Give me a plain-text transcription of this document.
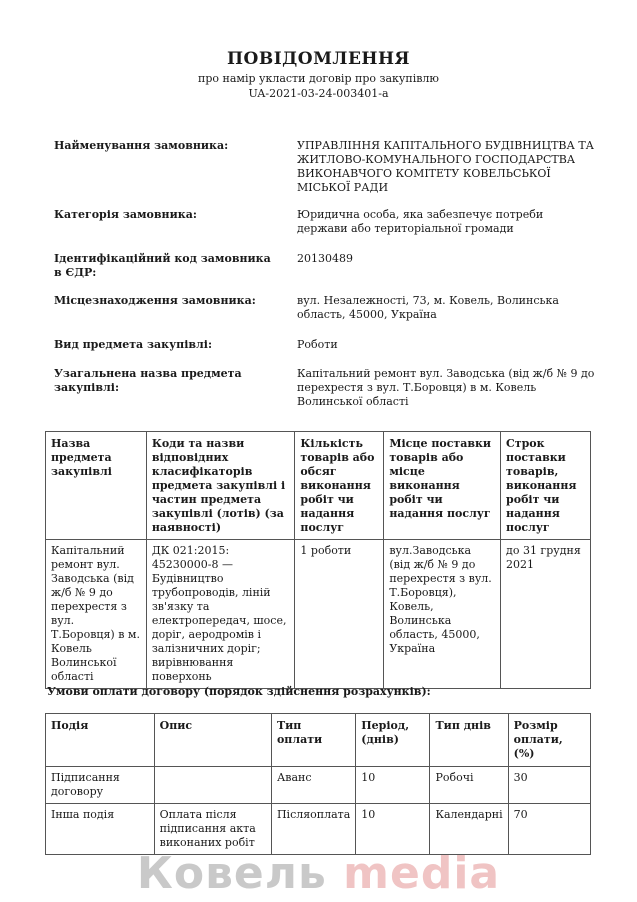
ПОВІДОМЛЕННЯ
про намір укласти договір про закупівлю
UA-2021-03-24-003401-a
Найменування замовника:	УПРАВЛІННЯ КАПІТАЛЬНОГО БУДІВНИЦТВА ТА ЖИТЛОВО-КОМУНАЛЬНОГО ГОСПОДАРСТВА ВИКОНАВЧОГО КОМІТЕТУ КОВЕЛЬСЬКОЇ МІСЬКОЇ РАДИ
Категорія замовника:	Юридична особа, яка забезпечує потреби держави або територіальної громади
Ідентифікаційний код замовника в ЄДР:
20130489
Місцезнаходження замовника:	вул. Незалежності, 73, м. Ковель, Волинська область, 45000, Україна
Вид предмета закупівлі:	Роботи
Узагальнена назва предмета закупівлі:
Капітальний ремонт вул. Заводська (від ж/б № 9 до перехрестя з вул. Т.Боровця) в м. Ковель Волинської області
Назва предмета закупівлі	Коди та назви відповідних класифікаторів предмета закупівлі і частин предмета закупівлі (лотів) (за наявності)	Кількість товарів або обсяг виконання робіт чи надання послуг	Місце поставки товарів або місце виконання робіт чи надання послуг	Строк поставки товарів, виконання робіт чи надання послуг
Капітальний ремонт вул. Заводська (від ж/б № 9 до перехрестя з вул. Т.Боровця) в м. Ковель Волинської області	ДК 021:2015: 45230000-8 — Будівництво трубопроводів, ліній зв'язку та електропередач, шосе, доріг, аеродромів і залізничних доріг; вирівнювання поверхонь	1 роботи	вул.Заводська (від ж/б № 9 до перехрестя з вул. Т.Боровця), Ковель, Волинська область, 45000, Україна	до 31 грудня 2021
Умови оплати договору (порядок здійснення розрахунків):
Подія	Опис	Тип оплати	Період, (днів)	Тип днів	Розмір оплати, (%)
Підписання договору		Аванс	10	Робочі	30
Інша подія	Оплата після підписання акта виконаних робіт	Післяоплата	10	Календарні	70
Ковель media
